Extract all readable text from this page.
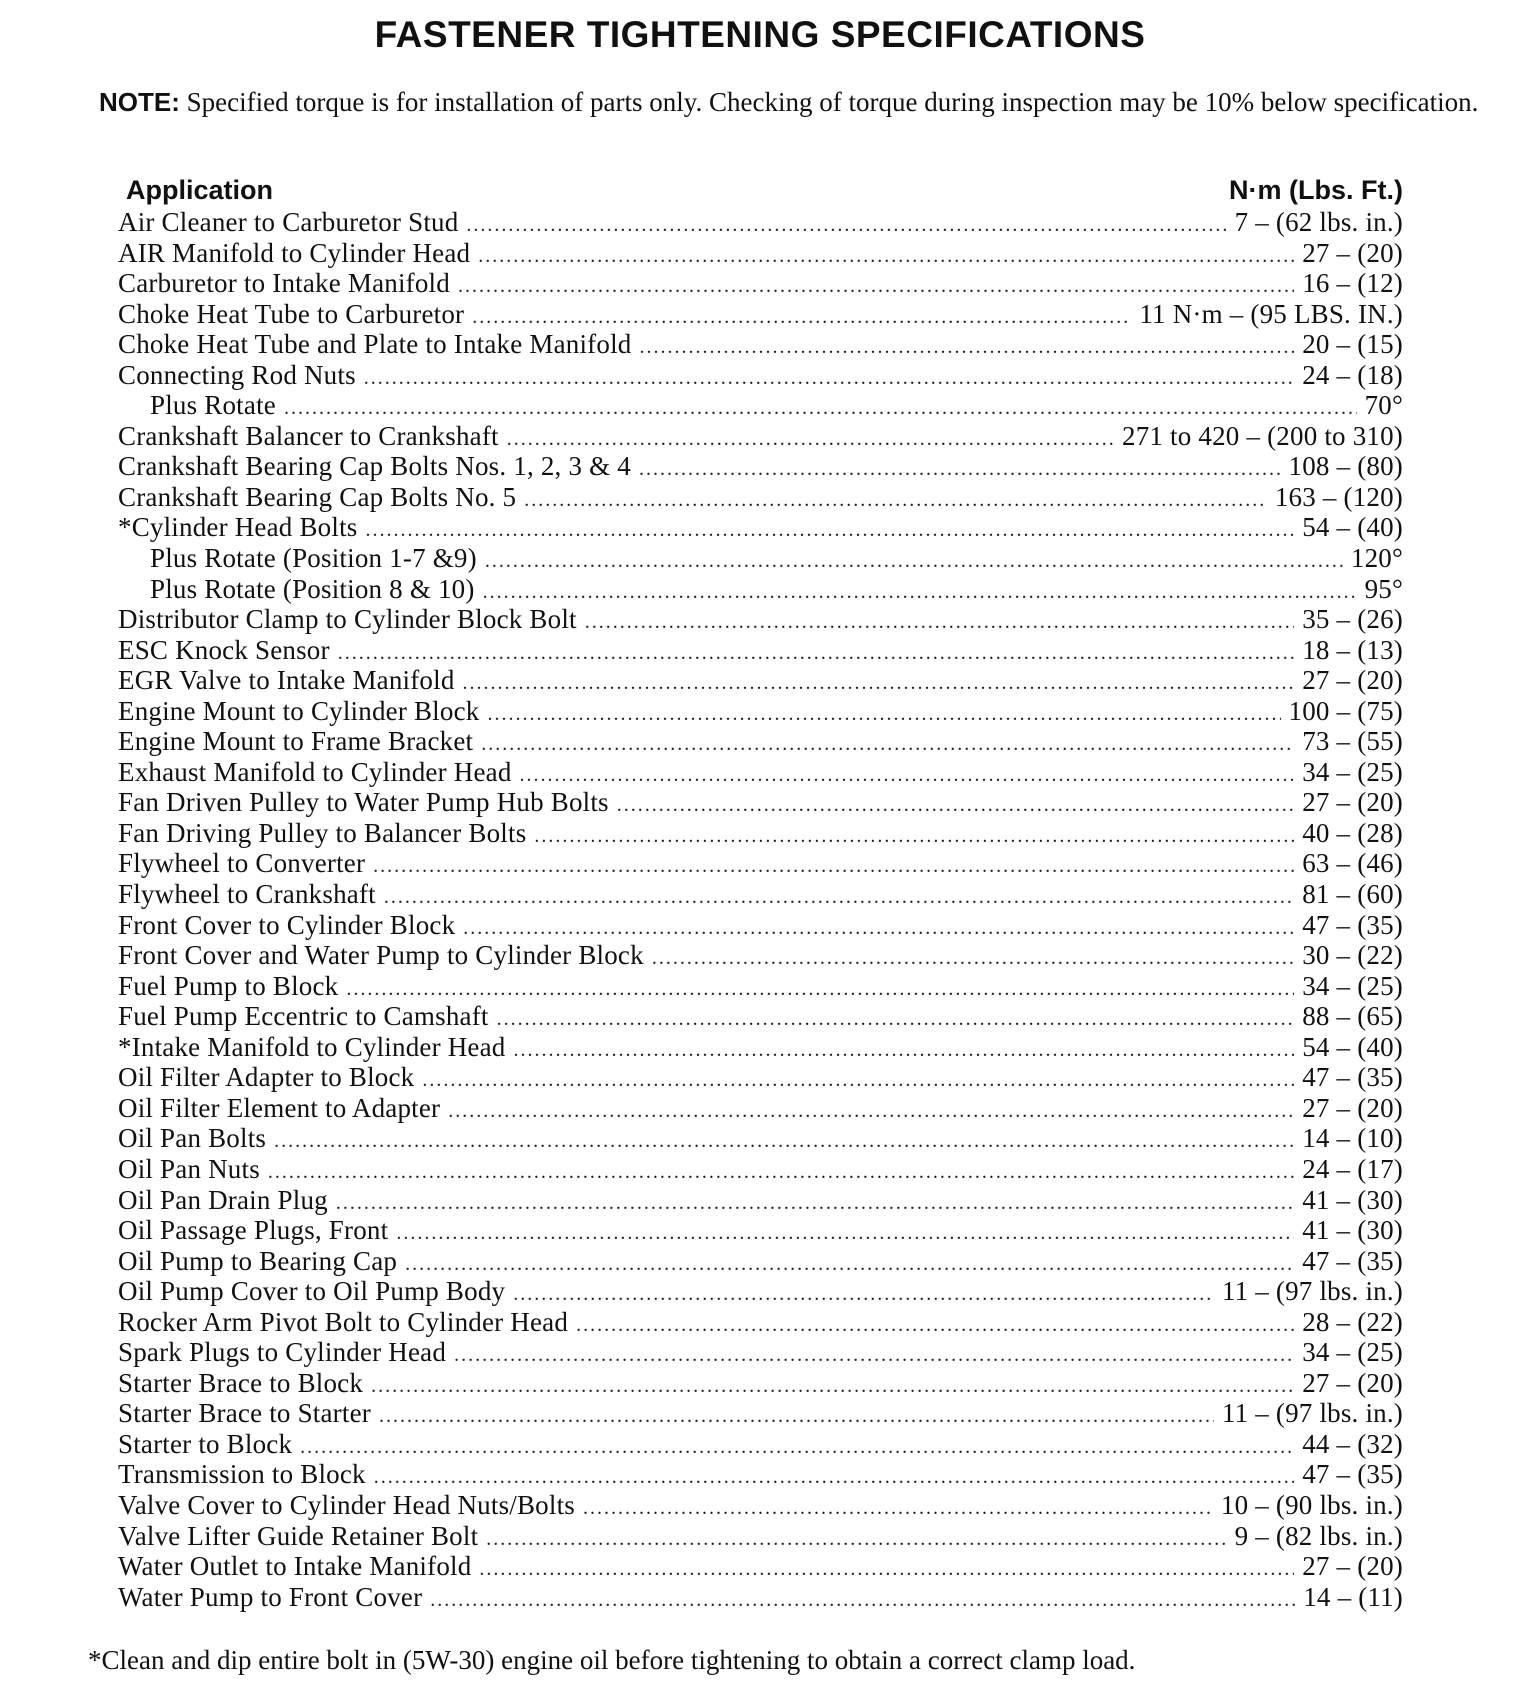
FASTENER TIGHTENING SPECIFICATIONS
NOTE: Specified torque is for installation of parts only. Checking of torque during inspection may be 10% below specification.
Application	N·m (Lbs. Ft.)
Air Cleaner to Carburetor Stud .....	7 – (62 lbs. in.)
AIR Manifold to Cylinder Head .....	27 – (20)
Carburetor to Intake Manifold .....	16 – (12)
Choke Heat Tube to Carburetor .....	11 N·m – (95 LBS. IN.)
Choke Heat Tube and Plate to Intake Manifold .....	20 – (15)
Connecting Rod Nuts .....	24 – (18)
Plus Rotate .....	70°
Crankshaft Balancer to Crankshaft .....	271 to 420 – (200 to 310)
Crankshaft Bearing Cap Bolts Nos. 1, 2, 3 & 4 .....	108 – (80)
Crankshaft Bearing Cap Bolts No. 5 .....	163 – (120)
*Cylinder Head Bolts .....	54 – (40)
Plus Rotate (Position 1-7 &9) .....	120°
Plus Rotate (Position 8 & 10) .....	95°
Distributor Clamp to Cylinder Block Bolt .....	35 – (26)
ESC Knock Sensor .....	18 – (13)
EGR Valve to Intake Manifold .....	27 – (20)
Engine Mount to Cylinder Block .....	100 – (75)
Engine Mount to Frame Bracket .....	73 – (55)
Exhaust Manifold to Cylinder Head .....	34 – (25)
Fan Driven Pulley to Water Pump Hub Bolts .....	27 – (20)
Fan Driving Pulley to Balancer Bolts .....	40 – (28)
Flywheel to Converter .....	63 – (46)
Flywheel to Crankshaft .....	81 – (60)
Front Cover to Cylinder Block .....	47 – (35)
Front Cover and Water Pump to Cylinder Block .....	30 – (22)
Fuel Pump to Block .....	34 – (25)
Fuel Pump Eccentric to Camshaft .....	88 – (65)
*Intake Manifold to Cylinder Head .....	54 – (40)
Oil Filter Adapter to Block .....	47 – (35)
Oil Filter Element to Adapter .....	27 – (20)
Oil Pan Bolts .....	14 – (10)
Oil Pan Nuts .....	24 – (17)
Oil Pan Drain Plug .....	41 – (30)
Oil Passage Plugs, Front .....	41 – (30)
Oil Pump to Bearing Cap .....	47 – (35)
Oil Pump Cover to Oil Pump Body .....	11 – (97 lbs. in.)
Rocker Arm Pivot Bolt to Cylinder Head .....	28 – (22)
Spark Plugs to Cylinder Head .....	34 – (25)
Starter Brace to Block .....	27 – (20)
Starter Brace to Starter .....	11 – (97 lbs. in.)
Starter to Block .....	44 – (32)
Transmission to Block .....	47 – (35)
Valve Cover to Cylinder Head Nuts/Bolts .....	10 – (90 lbs. in.)
Valve Lifter Guide Retainer Bolt .....	9 – (82 lbs. in.)
Water Outlet to Intake Manifold .....	27 – (20)
Water Pump to Front Cover .....	14 – (11)
*Clean and dip entire bolt in (5W-30) engine oil before tightening to obtain a correct clamp load.
